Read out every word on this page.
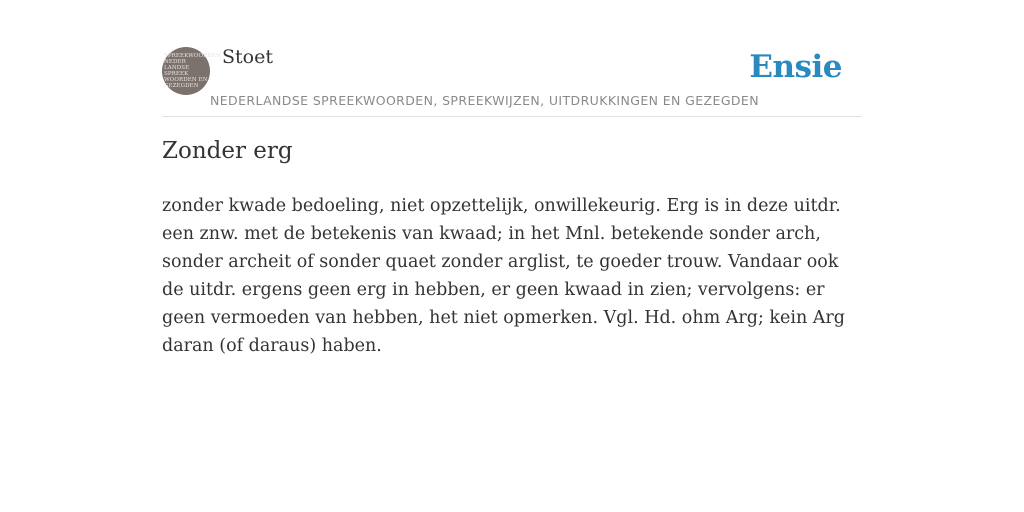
SPREEKWOORDEN
NEDER
LANDSE
SPREEK
WOORDEN EN
GEZEGDEN
Stoet	Ensie
NEDERLANDSE SPREEKWOORDEN, SPREEKWIJZEN, UITDRUKKINGEN EN GEZEGDEN
Zonder erg

zonder kwade bedoeling, niet opzettelijk, onwillekeurig. Erg is in deze uitdr. een znw. met de betekenis van kwaad; in het Mnl. betekende sonder arch, sonder archeit of sonder quaet zonder arglist, te goeder trouw. Vandaar ook de uitdr. ergens geen erg in hebben, er geen kwaad in zien; vervolgens: er geen vermoeden van hebben, het niet opmerken. Vgl. Hd. ohm Arg; kein Arg daran (of daraus) haben.
